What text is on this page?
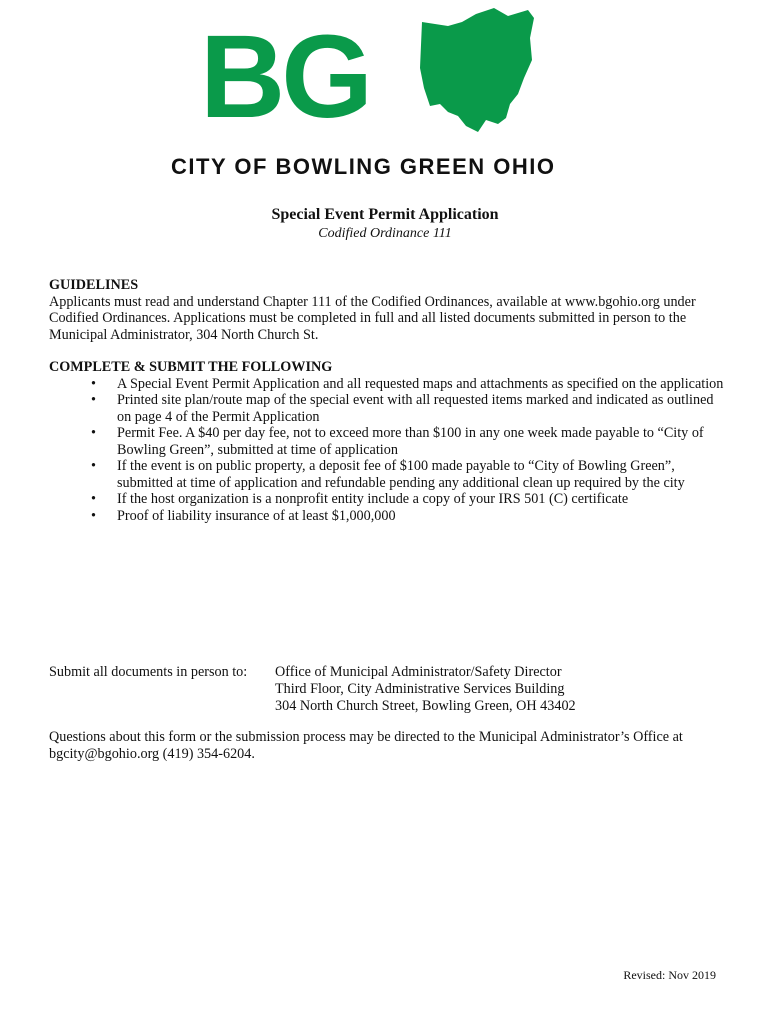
BG
CITY OF BOWLING GREEN OHIO
Special Event Permit Application
Codified Ordinance 111
GUIDELINES
Applicants must read and understand Chapter 111 of the Codified Ordinances, available at www.bgohio.org under Codified Ordinances. Applications must be completed in full and all listed documents submitted in person to the Municipal Administrator, 304 North Church St.
COMPLETE & SUBMIT THE FOLLOWING
• A Special Event Permit Application and all requested maps and attachments as specified on the application
• Printed site plan/route map of the special event with all requested items marked and indicated as outlined on page 4 of the Permit Application
• Permit Fee. A $40 per day fee, not to exceed more than $100 in any one week made payable to “City of Bowling Green”, submitted at time of application
• If the event is on public property, a deposit fee of $100 made payable to “City of Bowling Green”, submitted at time of application and refundable pending any additional clean up required by the city
• If the host organization is a nonprofit entity include a copy of your IRS 501 (C) certificate
• Proof of liability insurance of at least $1,000,000
Submit all documents in person to: Office of Municipal Administrator/Safety Director
Third Floor, City Administrative Services Building
304 North Church Street, Bowling Green, OH 43402
Questions about this form or the submission process may be directed to the Municipal Administrator’s Office at bgcity@bgohio.org (419) 354-6204.
Revised: Nov 2019
